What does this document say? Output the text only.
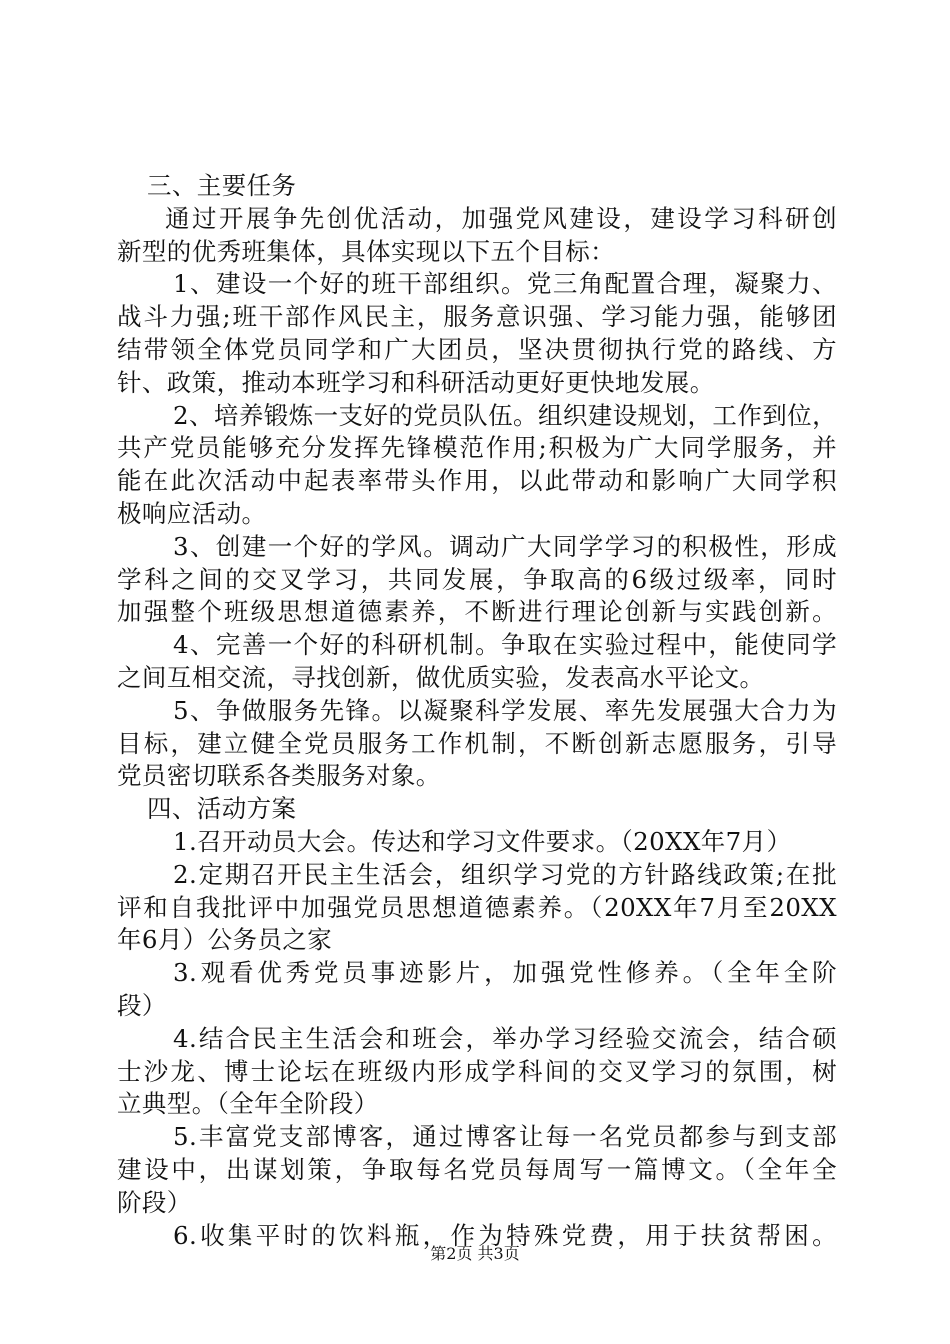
三、主要任务
通过开展争先创优活动，加强党风建设，建设学习科研创
新型的优秀班集体，具体实现以下五个目标：
1、建设一个好的班干部组织。党三角配置合理，凝聚力、
战斗力强;班干部作风民主，服务意识强、学习能力强，能够团
结带领全体党员同学和广大团员，坚决贯彻执行党的路线、方
针、政策，推动本班学习和科研活动更好更快地发展。
2、培养锻炼一支好的党员队伍。组织建设规划，工作到位，
共产党员能够充分发挥先锋模范作用;积极为广大同学服务，并
能在此次活动中起表率带头作用，以此带动和影响广大同学积
极响应活动。
3、创建一个好的学风。调动广大同学学习的积极性，形成
学科之间的交叉学习，共同发展，争取高的6级过级率，同时
加强整个班级思想道德素养，不断进行理论创新与实践创新。
4、完善一个好的科研机制。争取在实验过程中，能使同学
之间互相交流，寻找创新，做优质实验，发表高水平论文。
5、争做服务先锋。以凝聚科学发展、率先发展强大合力为
目标，建立健全党员服务工作机制，不断创新志愿服务，引导
党员密切联系各类服务对象。
四、活动方案
1.召开动员大会。传达和学习文件要求。（20XX年7月）
2.定期召开民主生活会，组织学习党的方针路线政策;在批
评和自我批评中加强党员思想道德素养。（20XX年7月至20XX
年6月）公务员之家
3.观看优秀党员事迹影片，加强党性修养。（全年全阶
段）
4.结合民主生活会和班会，举办学习经验交流会，结合硕
士沙龙、博士论坛在班级内形成学科间的交叉学习的氛围，树
立典型。（全年全阶段）
5.丰富党支部博客，通过博客让每一名党员都参与到支部
建设中，出谋划策，争取每名党员每周写一篇博文。（全年全
阶段）
6.收集平时的饮料瓶，作为特殊党费，用于扶贫帮困。
第2页 共3页
